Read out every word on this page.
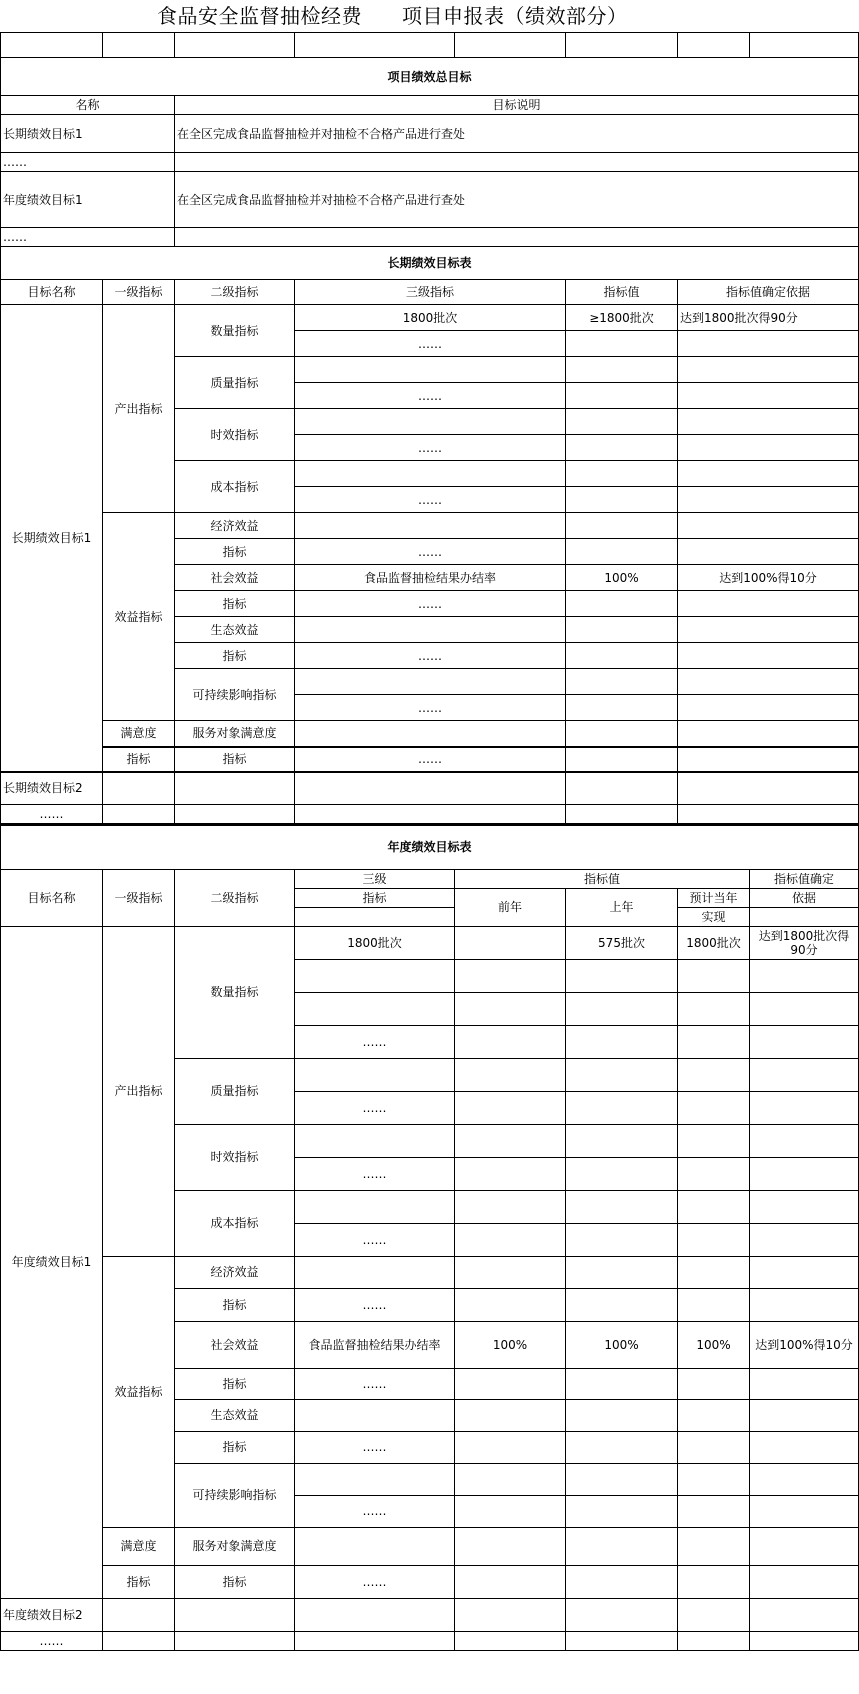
食品安全监督抽检经费 项目申报表（绩效部分）

项目绩效总目标							
名称		目标说明					
长期绩效目标1		在全区完成食品监督抽检并对抽检不合格产品进行查处					
……							
年度绩效目标1		在全区完成食品监督抽检并对抽检不合格产品进行查处					
……							
长期绩效目标表							
目标名称	一级指标	二级指标	三级指标		指标值	指标值确定依据	
长期绩效目标1	产出指标	数量指标	1800批次		≥1800批次	达到1800批次得90分	
			……				
		质量指标					
			……				
		时效指标					
			……				
		成本指标					
			……				
	效益指标	经济效益					
		指标	……				
		社会效益	食品监督抽检结果办结率		100%	达到100%得10分	
		指标	……				
		生态效益					
		指标	……				
		可持续影响指标					
			……				
	满意度	服务对象满意度					
	指标	指标	……				
长期绩效目标2							
……							
年度绩效目标表							
目标名称	一级指标	二级指标	三级	指标值			指标值确定
			指标	前年	上年	预计当年	依据
						实现	
年度绩效目标1	产出指标	数量指标	1800批次		575批次	1800批次	达到1800批次得90分

			……				
		质量指标					
			……				
		时效指标					
			……				
		成本指标					
			……				
	效益指标	经济效益					
		指标	……				
		社会效益	食品监督抽检结果办结率	100%	100%	100%	达到100%得10分
		指标	……				
		生态效益					
		指标	……				
		可持续影响指标					
			……				
	满意度	服务对象满意度					
	指标	指标	……				
年度绩效目标2							
……							
